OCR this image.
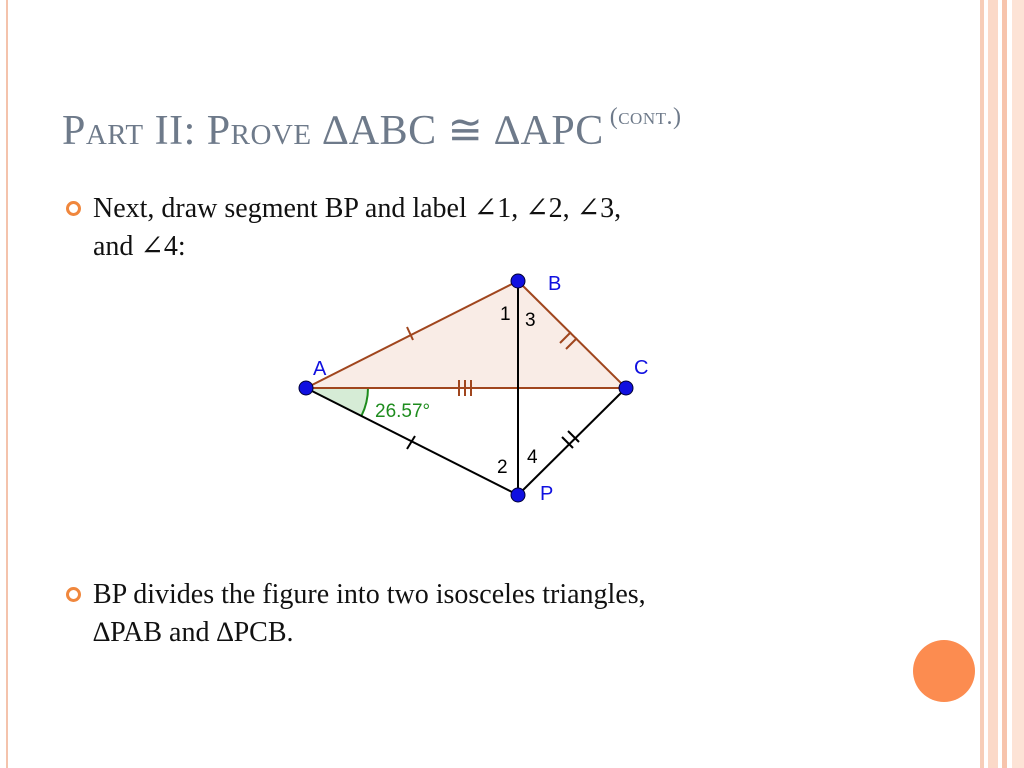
Part II: Prove ∆ABC ≅ ∆APC $^{(cont.)}$
Next, draw segment BP and label ∠1, ∠2, ∠3,
and ∠4:
A
B
C
P
1 3
2 4
26.57°
BP divides the figure into two isosceles triangles,
∆PAB and ∆PCB.
